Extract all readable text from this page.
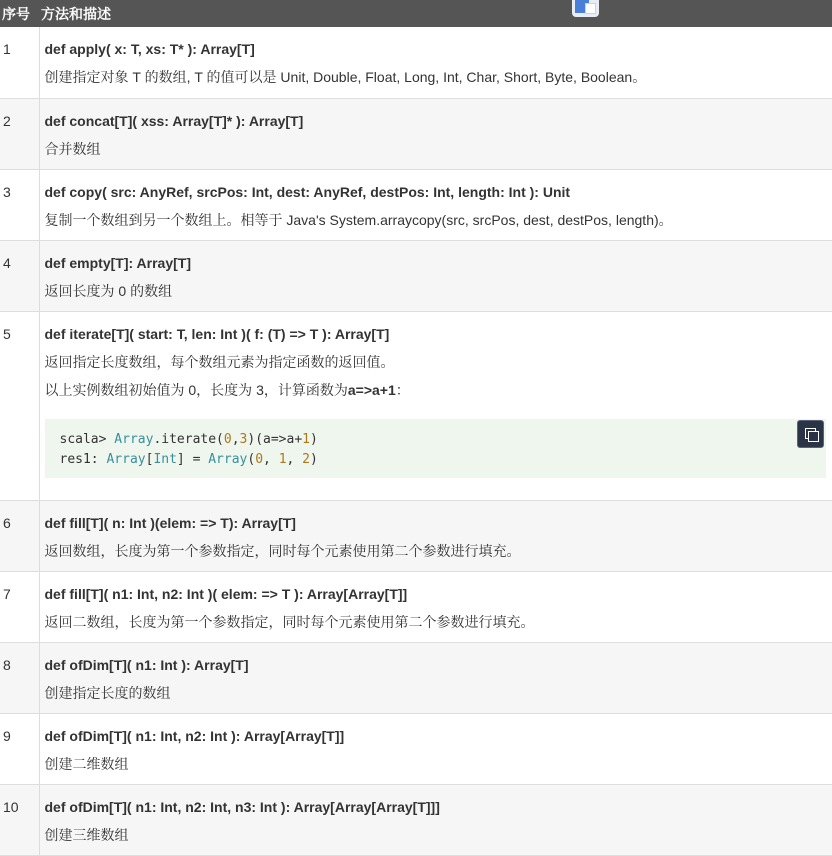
序号	方法和描述
1	def apply( x: T, xs: T* ): Array[T]
创建指定对象 T 的数组, T 的值可以是 Unit, Double, Float, Long, Int, Char, Short, Byte, Boolean。

2	def concat[T]( xss: Array[T]* ): Array[T]
合并数组

3	def copy( src: AnyRef, srcPos: Int, dest: AnyRef, destPos: Int, length: Int ): Unit
复制一个数组到另一个数组上。相等于 Java's System.arraycopy(src, srcPos, dest, destPos, length)。

4	def empty[T]: Array[T]
返回长度为 0 的数组

5	def iterate[T]( start: T, len: Int )( f: (T) => T ): Array[T]
返回指定长度数组，每个数组元素为指定函数的返回值。
以上实例数组初始值为 0，长度为 3，计算函数为a=>a+1：
scala> Array.iterate(0,3)(a=>a+1)
res1: Array[Int] = Array(0, 1, 2)

6	def fill[T]( n: Int )(elem: => T): Array[T]
返回数组，长度为第一个参数指定，同时每个元素使用第二个参数进行填充。

7	def fill[T]( n1: Int, n2: Int )( elem: => T ): Array[Array[T]]
返回二数组，长度为第一个参数指定，同时每个元素使用第二个参数进行填充。

8	def ofDim[T]( n1: Int ): Array[T]
创建指定长度的数组

9	def ofDim[T]( n1: Int, n2: Int ): Array[Array[T]]
创建二维数组

10	def ofDim[T]( n1: Int, n2: Int, n3: Int ): Array[Array[Array[T]]]
创建三维数组
